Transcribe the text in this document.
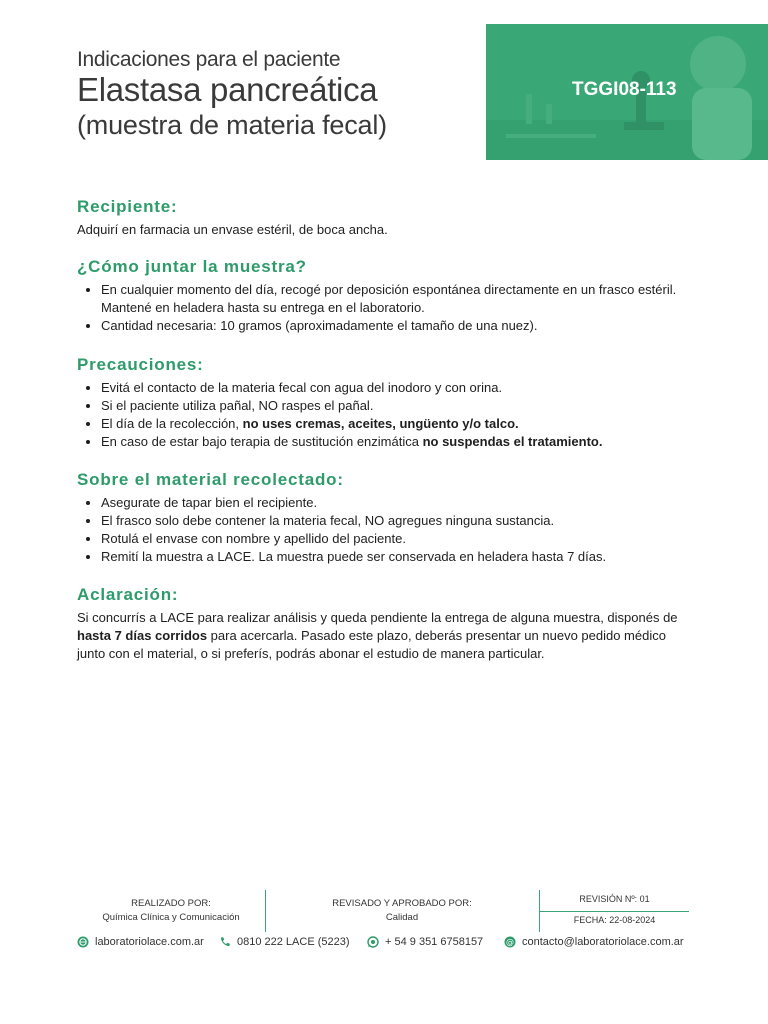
Indicaciones para el paciente
Elastasa pancreática
(muestra de materia fecal)
TGGI08-113
Recipiente:

Adquirí en farmacia un envase estéril, de boca ancha.

¿Cómo juntar la muestra?
• En cualquier momento del día, recogé por deposición espontánea directamente en un frasco estéril. Mantené en heladera hasta su entrega en el laboratorio.
• Cantidad necesaria: 10 gramos (aproximadamente el tamaño de una nuez).
Precauciones:
• Evitá el contacto de la materia fecal con agua del inodoro y con orina.
• Si el paciente utiliza pañal, NO raspes el pañal.
• El día de la recolección, no uses cremas, aceites, ungüento y/o talco.
• En caso de estar bajo terapia de sustitución enzimática no suspendas el tratamiento.
Sobre el material recolectado:
• Asegurate de tapar bien el recipiente.
• El frasco solo debe contener la materia fecal, NO agregues ninguna sustancia.
• Rotulá el envase con nombre y apellido del paciente.
• Remití la muestra a LACE. La muestra puede ser conservada en heladera hasta 7 días.
Aclaración:

Si concurrís a LACE para realizar análisis y queda pendiente la entrega de alguna muestra, disponés de hasta 7 días corridos para acercarla. Pasado este plazo, deberás presentar un nuevo pedido médico junto con el material, o si preferís, podrás abonar el estudio de manera particular.

REALIZADO POR:
Química Clínica y Comunicación
REVISADO Y APROBADO POR:
Calidad
REVISIÓN Nº: 01
FECHA: 22-08-2024
laboratoriolace.com.ar	0810 222 LACE (5223)	+ 54 9 351 6758157	@ contacto@laboratoriolace.com.ar
